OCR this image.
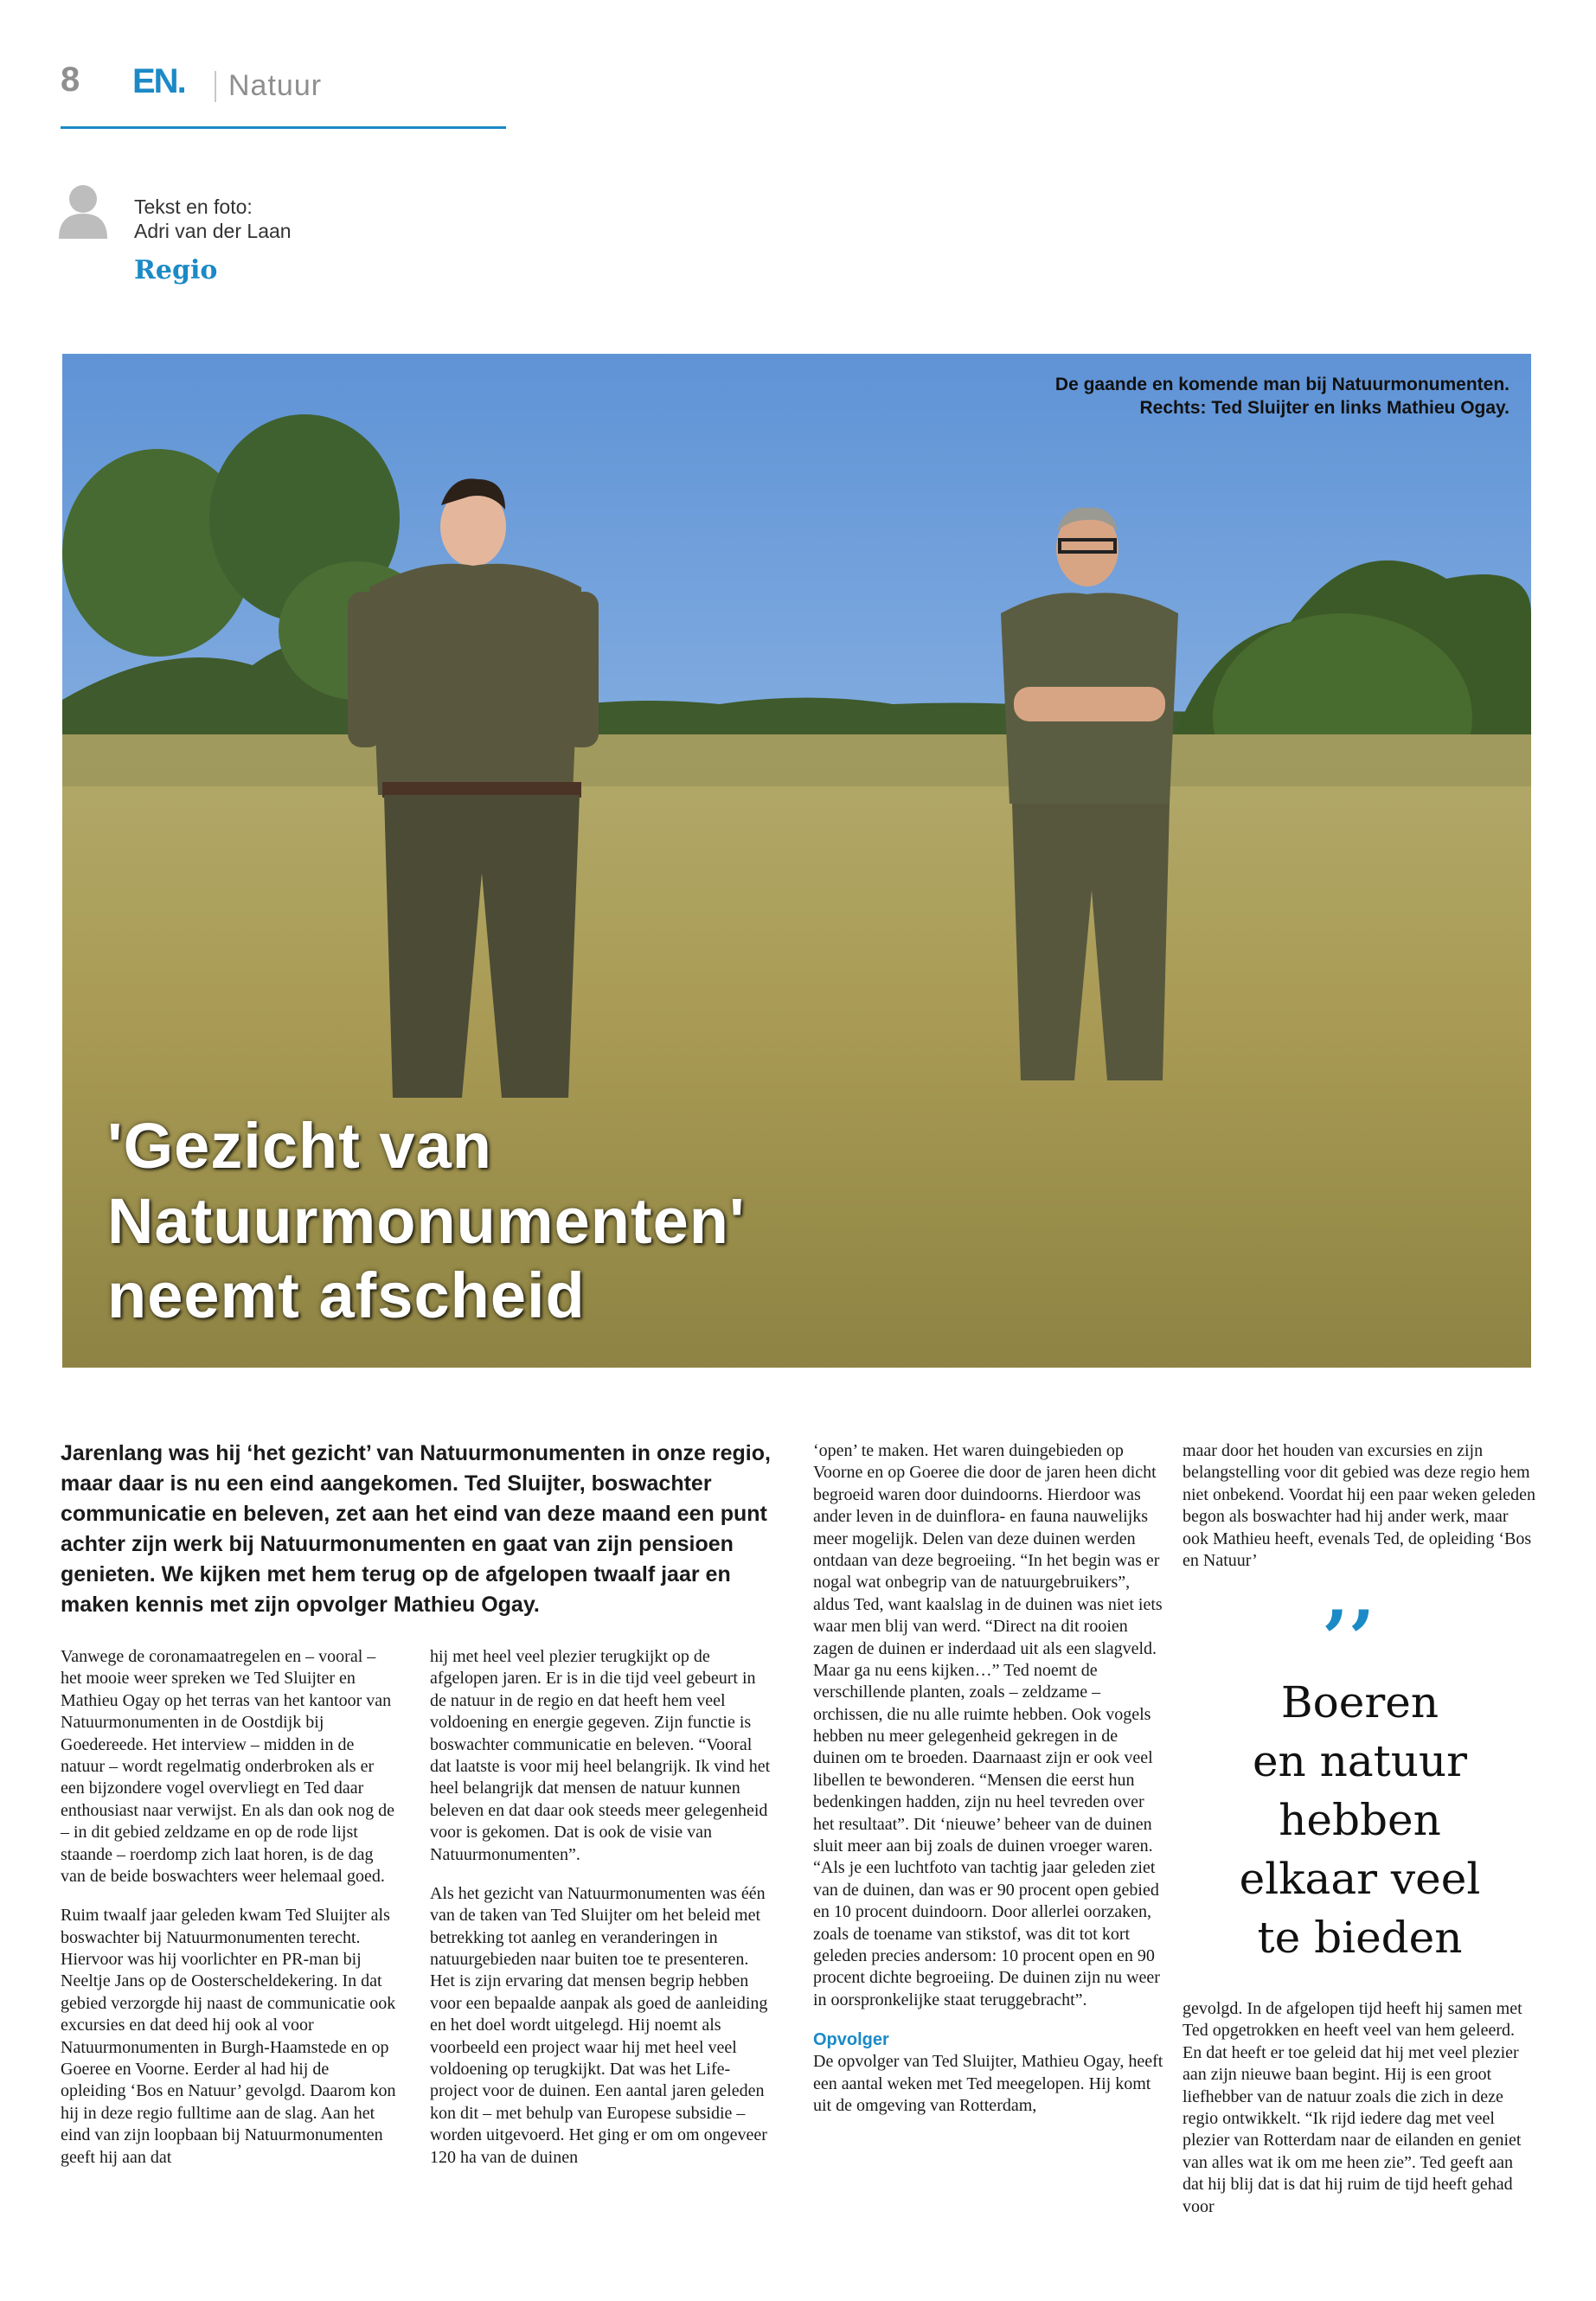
8 EN. Natuur
Tekst en foto:
Adri van der Laan
Regio
De gaande en komende man bij Natuurmonumenten.
Rechts: Ted Sluijter en links Mathieu Ogay.
'Gezicht van
Natuurmonumenten'
neemt afscheid
Jarenlang was hij ‘het gezicht’ van Natuurmonumenten in onze regio, maar daar is nu een eind aangekomen. Ted Sluijter, boswachter communicatie en beleven, zet aan het eind van deze maand een punt achter zijn werk bij Natuurmonumenten en gaat van zijn pensioen genieten. We kijken met hem terug op de afgelopen twaalf jaar en maken kennis met zijn opvolger Mathieu Ogay.

Vanwege de coronamaatregelen en – vooral – het mooie weer spreken we Ted Sluijter en Mathieu Ogay op het terras van het kantoor van Natuurmonumenten in de Oostdijk bij Goedereede. Het interview – midden in de natuur – wordt regelmatig onderbroken als er een bijzondere vogel overvliegt en Ted daar enthousiast naar verwijst. En als dan ook nog de – in dit gebied zeldzame en op de rode lijst staande – roerdomp zich laat horen, is de dag van de beide boswachters weer helemaal goed.

Ruim twaalf jaar geleden kwam Ted Sluijter als boswachter bij Natuurmonumenten terecht. Hiervoor was hij voorlichter en PR-man bij Neeltje Jans op de Oosterscheldekering. In dat gebied verzorgde hij naast de communicatie ook excursies en dat deed hij ook al voor Natuurmonumenten in Burgh-Haamstede en op Goeree en Voorne. Eerder al had hij de opleiding ‘Bos en Natuur’ gevolgd. Daarom kon hij in deze regio fulltime aan de slag. Aan het eind van zijn loopbaan bij Natuurmonumenten geeft hij aan dat

hij met heel veel plezier terugkijkt op de afgelopen jaren. Er is in die tijd veel gebeurt in de natuur in de regio en dat heeft hem veel voldoening en energie gegeven. Zijn functie is boswachter communicatie en beleven. “Vooral dat laatste is voor mij heel belangrijk. Ik vind het heel belangrijk dat mensen de natuur kunnen beleven en dat daar ook steeds meer gelegenheid voor is gekomen. Dat is ook de visie van Natuurmonumenten”.

Als het gezicht van Natuurmonumenten was één van de taken van Ted Sluijter om het beleid met betrekking tot aanleg en veranderingen in natuurgebieden naar buiten toe te presenteren. Het is zijn ervaring dat mensen begrip hebben voor een bepaalde aanpak als goed de aanleiding en het doel wordt uitgelegd. Hij noemt als voorbeeld een project waar hij met heel veel voldoening op terugkijkt. Dat was het Life-project voor de duinen. Een aantal jaren geleden kon dit – met behulp van Europese subsidie – worden uitgevoerd. Het ging er om om ongeveer 120 ha van de duinen

‘open’ te maken. Het waren duingebieden op Voorne en op Goeree die door de jaren heen dicht begroeid waren door duindoorns. Hierdoor was ander leven in de duinflora- en fauna nauwelijks meer mogelijk. Delen van deze duinen werden ontdaan van deze begroeiing. “In het begin was er nogal wat onbegrip van de natuurgebruikers”, aldus Ted, want kaalslag in de duinen was niet iets waar men blij van werd. “Direct na dit rooien zagen de duinen er inderdaad uit als een slagveld. Maar ga nu eens kijken…” Ted noemt de verschillende planten, zoals – zeldzame – orchissen, die nu alle ruimte hebben. Ook vogels hebben nu meer gelegenheid gekregen in de duinen om te broeden. Daarnaast zijn er ook veel libellen te bewonderen. “Mensen die eerst hun bedenkingen hadden, zijn nu heel tevreden over het resultaat”. Dit ‘nieuwe’ beheer van de duinen sluit meer aan bij zoals de duinen vroeger waren. “Als je een luchtfoto van tachtig jaar geleden ziet van de duinen, dan was er 90 procent open gebied en 10 procent duindoorn. Door allerlei oorzaken, zoals de toename van stikstof, was dit tot kort geleden precies andersom: 10 procent open en 90 procent dichte begroeiing. De duinen zijn nu weer in oorspronkelijke staat teruggebracht”.

Opvolger

De opvolger van Ted Sluijter, Mathieu Ogay, heeft een aantal weken met Ted meegelopen. Hij komt uit de omgeving van Rotterdam,

maar door het houden van excursies en zijn belangstelling voor dit gebied was deze regio hem niet onbekend. Voordat hij een paar weken geleden begon als boswachter had hij ander werk, maar ook Mathieu heeft, evenals Ted, de opleiding ‘Bos en Natuur’

’’
Boeren
en natuur
hebben
elkaar veel
te bieden

gevolgd. In de afgelopen tijd heeft hij samen met Ted opgetrokken en heeft veel van hem geleerd. En dat heeft er toe geleid dat hij met veel plezier aan zijn nieuwe baan begint. Hij is een groot liefhebber van de natuur zoals die zich in deze regio ontwikkelt. “Ik rijd iedere dag met veel plezier van Rotterdam naar de eilanden en geniet van alles wat ik om me heen zie”. Ted geeft aan dat hij blij dat is dat hij ruim de tijd heeft gehad voor
